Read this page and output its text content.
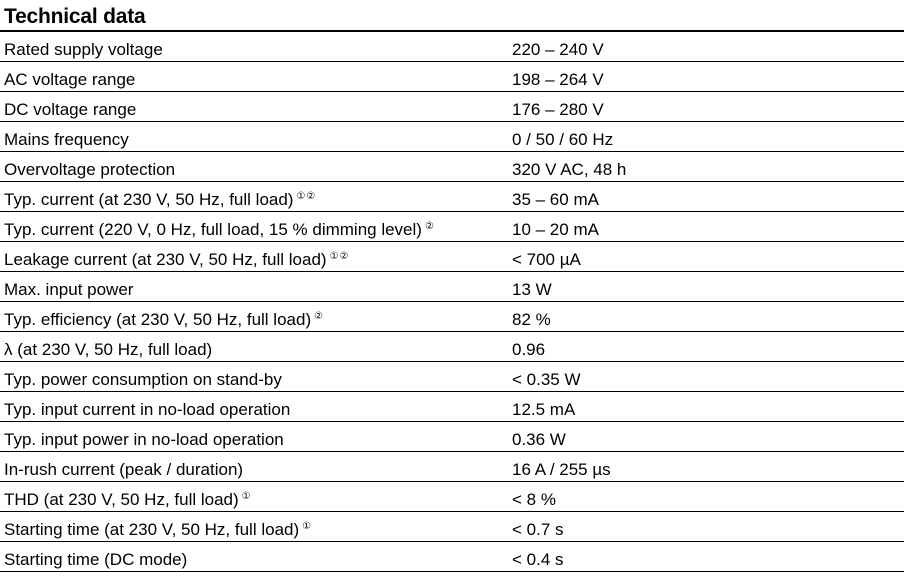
Technical data
Rated supply voltage	220 – 240 V
AC voltage range	198 – 264 V
DC voltage range	176 – 280 V
Mains frequency	0 / 50 / 60 Hz
Overvoltage protection	320 V AC, 48 h
Typ. current (at 230 V, 50 Hz, full load) ①②	35 – 60 mA
Typ. current (220 V, 0 Hz, full load, 15 % dimming level) ②	10 – 20 mA
Leakage current (at 230 V, 50 Hz, full load) ①②	< 700 µA
Max. input power	13 W
Typ. efficiency (at 230 V, 50 Hz, full load) ②	82 %
λ (at 230 V, 50 Hz, full load)	0.96
Typ. power consumption on stand-by	< 0.35 W
Typ. input current in no-load operation	12.5 mA
Typ. input power in no-load operation	0.36 W
In-rush current (peak / duration)	16 A / 255 µs
THD (at 230 V, 50 Hz, full load) ①	< 8 %
Starting time (at 230 V, 50 Hz, full load) ①	< 0.7 s
Starting time (DC mode)	< 0.4 s
